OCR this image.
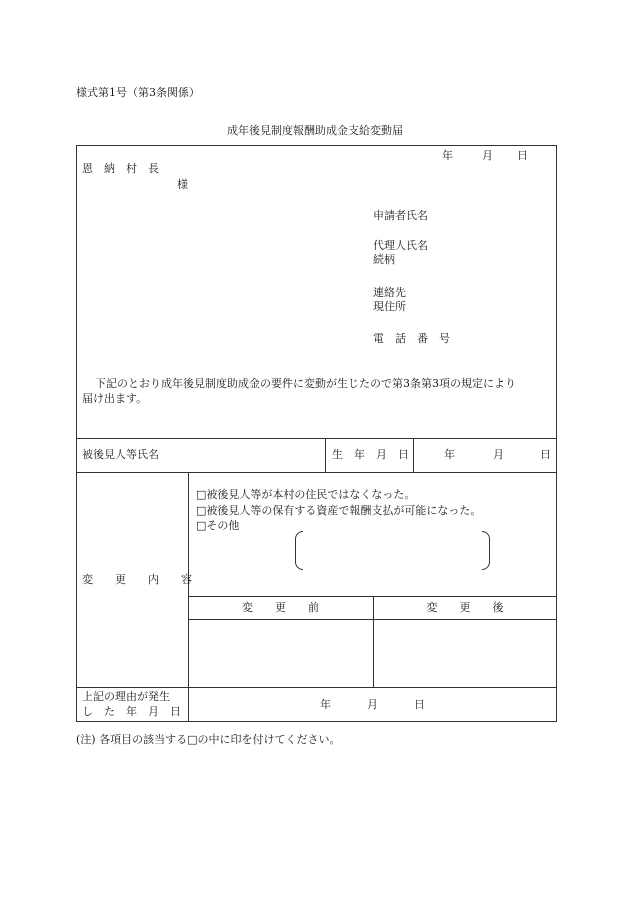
様式第1号（第3条関係）
成年後見制度報酬助成金支給変動届
年	月 日
恩　納　村　長
様
申請者氏名
代理人氏名
続柄
連絡先
現住所
電　話　番　号
下記のとおり成年後見制度助成金の要件に変動が生じたので第3条第3項の規定により
届け出ます。
被後見人等氏名	生　年　月　日	年	月	日
変　　更　　内　　容
□被後見人等が本村の住民ではなくなった。
□被後見人等の保有する資産で報酬支払が可能になった。
□その他
変　　更　　前	変　　更　　後
上記の理由が発生
し　た　年　月　日
年	月	日
(注) 各項目の該当する□の中に印を付けてください。
